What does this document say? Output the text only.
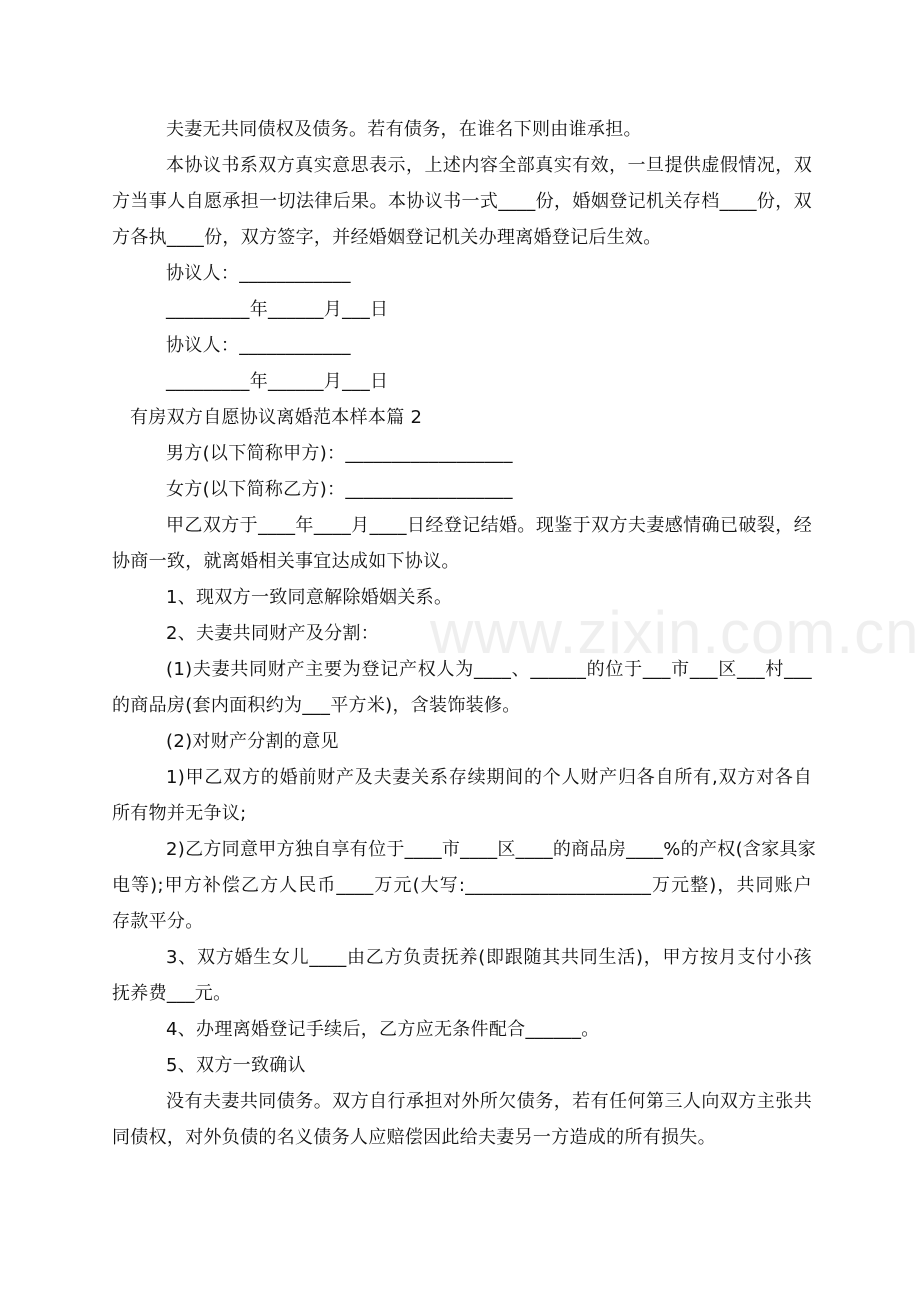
www.zixin.com.cn
夫妻无共同债权及债务。若有债务，在谁名下则由谁承担。
本协议书系双方真实意思表示，上述内容全部真实有效，一旦提供虚假情况，双
方当事人自愿承担一切法律后果。本协议书一式____份，婚姻登记机关存档____份，双
方各执____份，双方签字，并经婚姻登记机关办理离婚登记后生效。
协议人：____________
_________年______月___日
协议人：____________
_________年______月___日
有房双方自愿协议离婚范本样本篇 2
男方(以下简称甲方)：__________________
女方(以下简称乙方)：__________________
甲乙双方于____年____月____日经登记结婚。现鉴于双方夫妻感情确已破裂，经
协商一致，就离婚相关事宜达成如下协议。
1、现双方一致同意解除婚姻关系。
2、夫妻共同财产及分割：
(1)夫妻共同财产主要为登记产权人为____、______的位于___市___区___村___
的商品房(套内面积约为___平方米)，含装饰装修。
(2)对财产分割的意见
1)甲乙双方的婚前财产及夫妻关系存续期间的个人财产归各自所有,双方对各自
所有物并无争议;
2)乙方同意甲方独自享有位于____市____区____的商品房____%的产权(含家具家
电等);甲方补偿乙方人民币____万元(大写:____________________万元整)，共同账户
存款平分。
3、双方婚生女儿____由乙方负责抚养(即跟随其共同生活)，甲方按月支付小孩
抚养费___元。
4、办理离婚登记手续后，乙方应无条件配合______。
5、双方一致确认
没有夫妻共同债务。双方自行承担对外所欠债务，若有任何第三人向双方主张共
同债权，对外负债的名义债务人应赔偿因此给夫妻另一方造成的所有损失。
